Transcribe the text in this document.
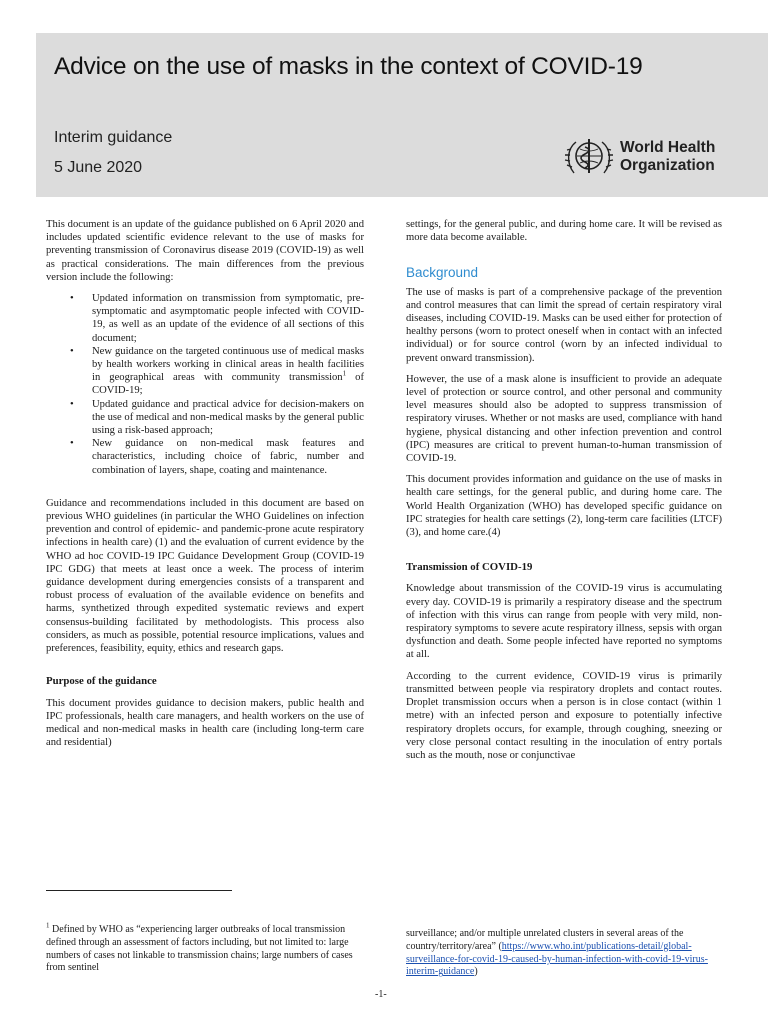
Advice on the use of masks in the context of COVID-19
Interim guidance
5 June 2020
World Health
Organization

This document is an update of the guidance published on 6 April 2020 and includes updated scientific evidence relevant to the use of masks for preventing transmission of Coronavirus disease 2019 (COVID-19) as well as practical considerations. The main differences from the previous version include the following:

• Updated information on transmission from symptomatic, pre-symptomatic and asymptomatic people infected with COVID-19, as well as an update of the evidence of all sections of this document;
• New guidance on the targeted continuous use of medical masks by health workers working in clinical areas in health facilities in geographical areas with community transmission$^1$ of COVID-19;
• Updated guidance and practical advice for decision-makers on the use of medical and non-medical masks by the general public using a risk-based approach;
• New guidance on non-medical mask features and characteristics, including choice of fabric, number and combination of layers, shape, coating and maintenance.

Guidance and recommendations included in this document are based on previous WHO guidelines (in particular the WHO Guidelines on infection prevention and control of epidemic- and pandemic-prone acute respiratory infections in health care) (1) and the evaluation of current evidence by the WHO ad hoc COVID-19 IPC Guidance Development Group (COVID-19 IPC GDG) that meets at least once a week. The process of interim guidance development during emergencies consists of a transparent and robust process of evaluation of the available evidence on benefits and harms, synthetized through expedited systematic reviews and expert consensus-building facilitated by methodologists. This process also considers, as much as possible, potential resource implications, values and preferences, feasibility, equity, ethics and research gaps.

Purpose of the guidance

This document provides guidance to decision makers, public health and IPC professionals, health care managers, and health workers on the use of medical and non-medical masks in health care (including long-term care and residential)

settings, for the general public, and during home care. It will be revised as more data become available.

Background

The use of masks is part of a comprehensive package of the prevention and control measures that can limit the spread of certain respiratory viral diseases, including COVID-19. Masks can be used either for protection of healthy persons (worn to protect oneself when in contact with an infected individual) or for source control (worn by an infected individual to prevent onward transmission).

However, the use of a mask alone is insufficient to provide an adequate level of protection or source control, and other personal and community level measures should also be adopted to suppress transmission of respiratory viruses. Whether or not masks are used, compliance with hand hygiene, physical distancing and other infection prevention and control (IPC) measures are critical to prevent human-to-human transmission of COVID-19.

This document provides information and guidance on the use of masks in health care settings, for the general public, and during home care. The World Health Organization (WHO) has developed specific guidance on IPC strategies for health care settings (2), long-term care facilities (LTCF) (3), and home care.(4)

Transmission of COVID-19

Knowledge about transmission of the COVID-19 virus is accumulating every day. COVID-19 is primarily a respiratory disease and the spectrum of infection with this virus can range from people with very mild, non-respiratory symptoms to severe acute respiratory illness, sepsis with organ dysfunction and death. Some people infected have reported no symptoms at all.

According to the current evidence, COVID-19 virus is primarily transmitted between people via respiratory droplets and contact routes. Droplet transmission occurs when a person is in close contact (within 1 metre) with an infected person and exposure to potentially infective respiratory droplets occurs, for example, through coughing, sneezing or very close personal contact resulting in the inoculation of entry portals such as the mouth, nose or conjunctivae

$^1$ Defined by WHO as “experiencing larger outbreaks of local transmission defined through an assessment of factors including, but not limited to: large numbers of cases not linkable to transmission chains; large numbers of cases from sentinel
surveillance; and/or multiple unrelated clusters in several areas of the country/territory/area” (https://www.who.int/publications-detail/global-surveillance-for-covid-19-caused-by-human-infection-with-covid-19-virus-interim-guidance)
-1-
